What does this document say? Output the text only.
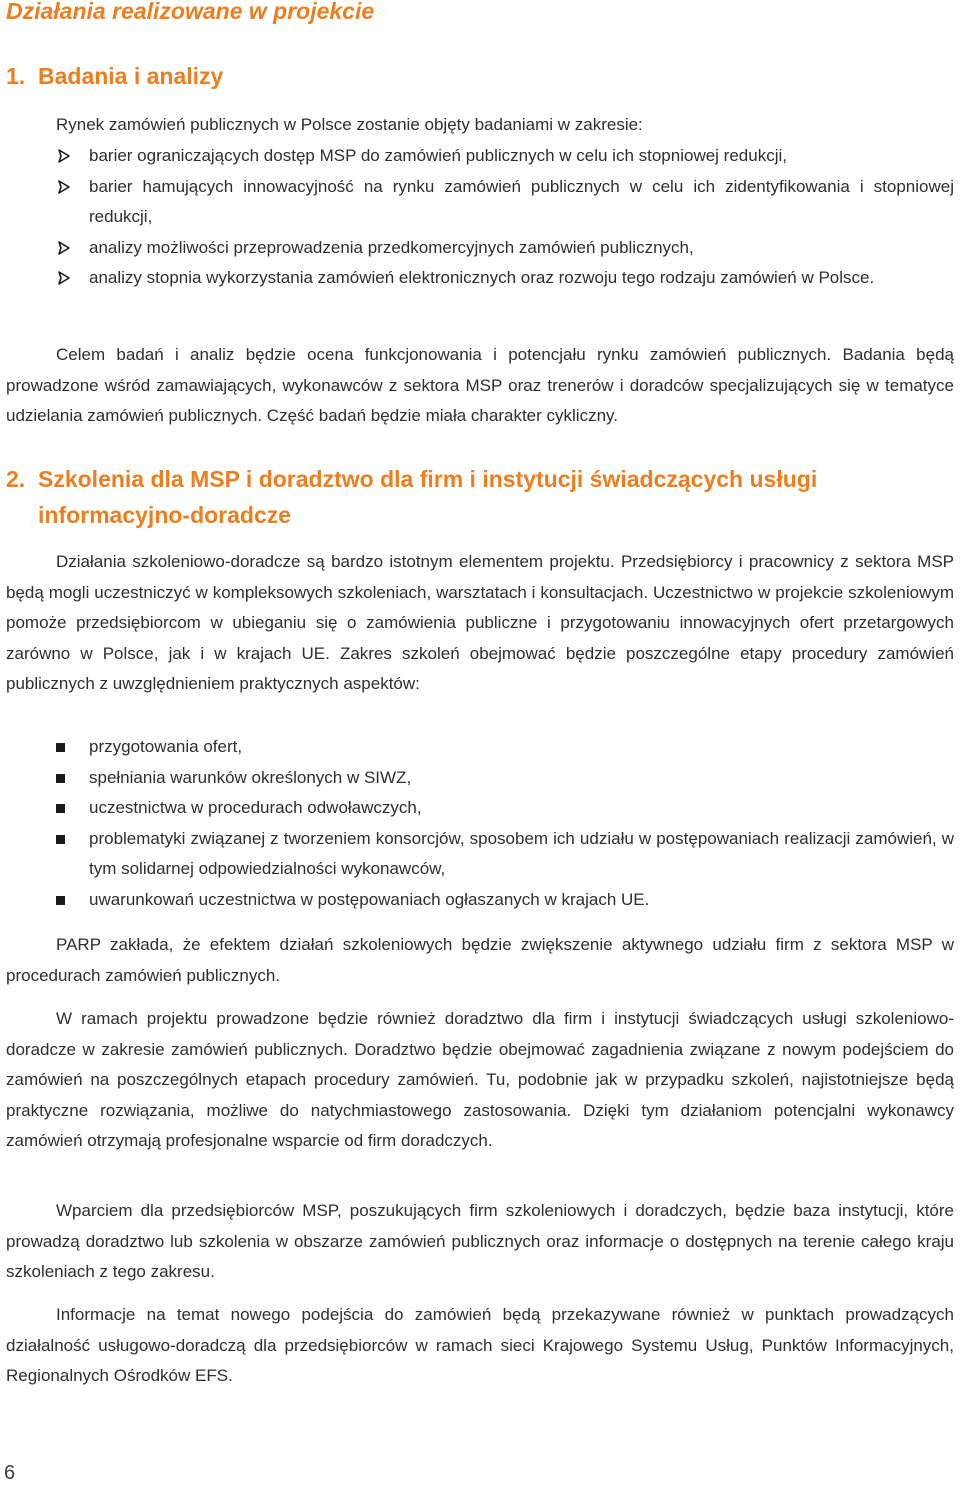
Działania realizowane w projekcie
1. Badania i analizy

Rynek zamówień publicznych w Polsce zostanie objęty badaniami w zakresie:

barier ograniczających dostęp MSP do zamówień publicznych w celu ich stopniowej redukcji,
barier hamujących innowacyjność na rynku zamówień publicznych w celu ich zidentyfikowania i stopniowej redukcji,
analizy możliwości przeprowadzenia przedkomercyjnych zamówień publicznych,
analizy stopnia wykorzystania zamówień elektronicznych oraz rozwoju tego rodzaju zamówień w Polsce.

Celem badań i analiz będzie ocena funkcjonowania i potencjału rynku zamówień publicznych. Badania będą prowadzone wśród zamawiających, wykonawców z sektora MSP oraz trenerów i doradców specjalizujących się w tematyce udzielania zamówień publicznych. Część badań będzie miała charakter cykliczny.

2. Szkolenia dla MSP i doradztwo dla firm i instytucji świadczących usługi informacyjno-doradcze

Działania szkoleniowo-doradcze są bardzo istotnym elementem projektu. Przedsiębiorcy i pracownicy z sektora MSP będą mogli uczestniczyć w kompleksowych szkoleniach, warsztatach i konsultacjach. Uczestnictwo w projekcie szkoleniowym pomoże przedsiębiorcom w ubieganiu się o zamówienia publiczne i przygotowaniu innowacyjnych ofert przetargowych zarówno w Polsce, jak i w krajach UE. Zakres szkoleń obejmować będzie poszczególne etapy procedury zamówień publicznych z uwzględnieniem praktycznych aspektów:

przygotowania ofert,
spełniania warunków określonych w SIWZ,
uczestnictwa w procedurach odwoławczych,
problematyki związanej z tworzeniem konsorcjów, sposobem ich udziału w postępowaniach realizacji zamówień, w tym solidarnej odpowiedzialności wykonawców,
uwarunkowań uczestnictwa w postępowaniach ogłaszanych w krajach UE.

PARP zakłada, że efektem działań szkoleniowych będzie zwiększenie aktywnego udziału firm z sektora MSP w procedurach zamówień publicznych.

W ramach projektu prowadzone będzie również doradztwo dla firm i instytucji świadczących usługi szkoleniowo-doradcze w zakresie zamówień publicznych. Doradztwo będzie obejmować zagadnienia związane z nowym podejściem do zamówień na poszczególnych etapach procedury zamówień. Tu, podobnie jak w przypadku szkoleń, najistotniejsze będą praktyczne rozwiązania, możliwe do natychmiastowego zastosowania. Dzięki tym działaniom potencjalni wykonawcy zamówień otrzymają profesjonalne wsparcie od firm doradczych.

Wparciem dla przedsiębiorców MSP, poszukujących firm szkoleniowych i doradczych, będzie baza instytucji, które prowadzą doradztwo lub szkolenia w obszarze zamówień publicznych oraz informacje o dostępnych na terenie całego kraju szkoleniach z tego zakresu.

Informacje na temat nowego podejścia do zamówień będą przekazywane również w punktach prowadzących działalność usługowo-doradczą dla przedsiębiorców w ramach sieci Krajowego Systemu Usług, Punktów Informacyjnych, Regionalnych Ośrodków EFS.

6
